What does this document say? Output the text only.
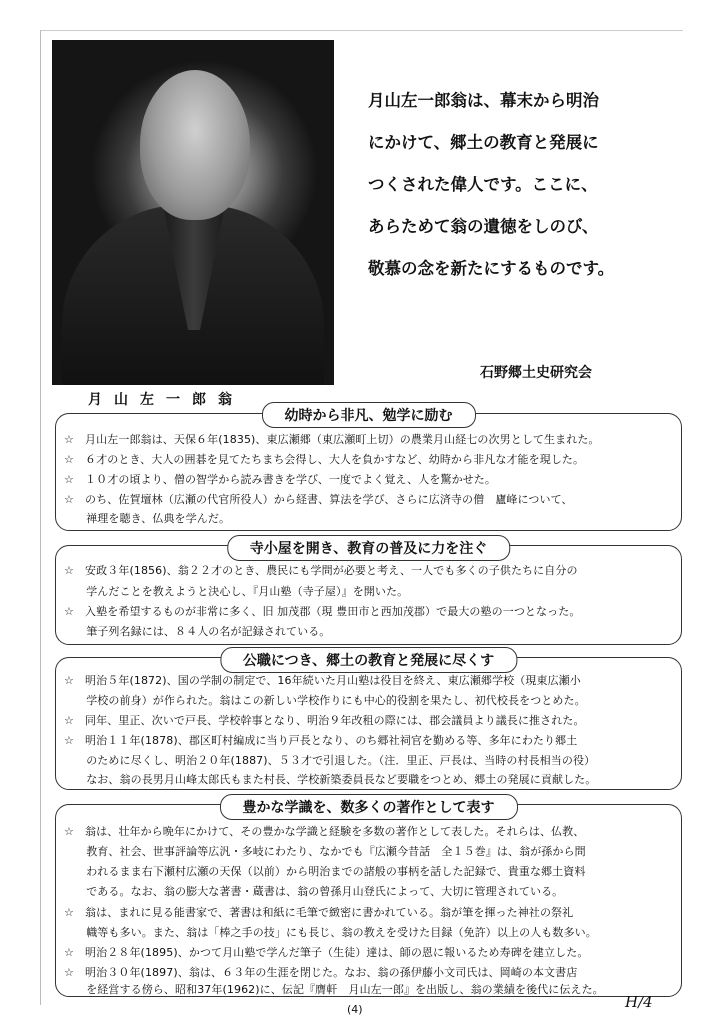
月山左一郎翁
月山左一郎翁は、幕末から明治
にかけて、郷土の教育と発展に
つくされた偉人です。ここに、
あらためて翁の遺徳をしのび、
敬慕の念を新たにするものです。
石野郷土史研究会
幼時から非凡、勉学に励む
☆　月山左一郎翁は、天保６年(1835)、東広瀬郷（東広瀬町上切）の農業月山経七の次男として生まれた。
☆　６才のとき、大人の囲碁を見てたちまち会得し、大人を負かすなど、幼時から非凡な才能を現した。
☆　１０才の頃より、僧の智学から読み書きを学び、一度でよく覚え、人を驚かせた。
☆　のち、佐賀壇林（広瀬の代官所役人）から経書、算法を学び、さらに広済寺の僧　廬峰について、
　　禅理を聴き、仏典を学んだ。
寺小屋を開き、教育の普及に力を注ぐ
☆　安政３年(1856)、翁２２才のとき、農民にも学問が必要と考え、一人でも多くの子供たちに自分の
　　学んだことを教えようと決心し、『月山塾（寺子屋）』を開いた。
☆　入塾を希望するものが非常に多く、旧 加茂郡（現 豊田市と西加茂郡）で最大の塾の一つとなった。
　　筆子列名録には、８４人の名が記録されている。
公職につき、郷土の教育と発展に尽くす
☆　明治５年(1872)、国の学制の制定で、16年続いた月山塾は役目を終え、東広瀬郷学校（現東広瀬小
　　学校の前身）が作られた。翁はこの新しい学校作りにも中心的役割を果たし、初代校長をつとめた。
☆　同年、里正、次いで戸長、学校幹事となり、明治９年改租の際には、郡会議員より議長に推された。
☆　明治１１年(1878)、郡区町村編成に当り戸長となり、のち郷社祠官を勤める等、多年にわたり郷土
　　のために尽くし、明治２０年(1887)、５３才で引退した。（注．里正、戸長は、当時の村長相当の役）
　　なお、翁の長男月山峰太郎氏もまた村長、学校新築委員長など要職をつとめ、郷土の発展に貢献した。
豊かな学識を、数多くの著作として表す
☆　翁は、壮年から晩年にかけて、その豊かな学識と経験を多数の著作として表した。それらは、仏教、
　　教育、社会、世事評論等広汎・多岐にわたり、なかでも『広瀬今昔話　全１５巻』は、翁が孫から問
　　われるまま右下瀬村広瀬の天保（以前）から明治までの諸般の事柄を話した記録で、貴重な郷土資料
　　である。なお、翁の膨大な著書・蔵書は、翁の曾孫月山登氏によって、大切に管理されている。
☆　翁は、まれに見る能書家で、著書は和紙に毛筆で緻密に書かれている。翁が筆を揮った神社の祭礼
　　幟等も多い。また、翁は「棒之手の技」にも長じ、翁の教えを受けた目録（免許）以上の人も数多い。
☆　明治２８年(1895)、かつて月山塾で学んだ筆子（生徒）達は、師の恩に報いるため寿碑を建立した。
☆　明治３０年(1897)、翁は、６３年の生涯を閉じた。なお、翁の孫伊藤小文司氏は、岡崎の本文書店
　　を経営する傍ら、昭和37年(1962)に、伝記『膺軒　月山左一郎』を出版し、翁の業績を後代に伝えた。
(4)	H/4
